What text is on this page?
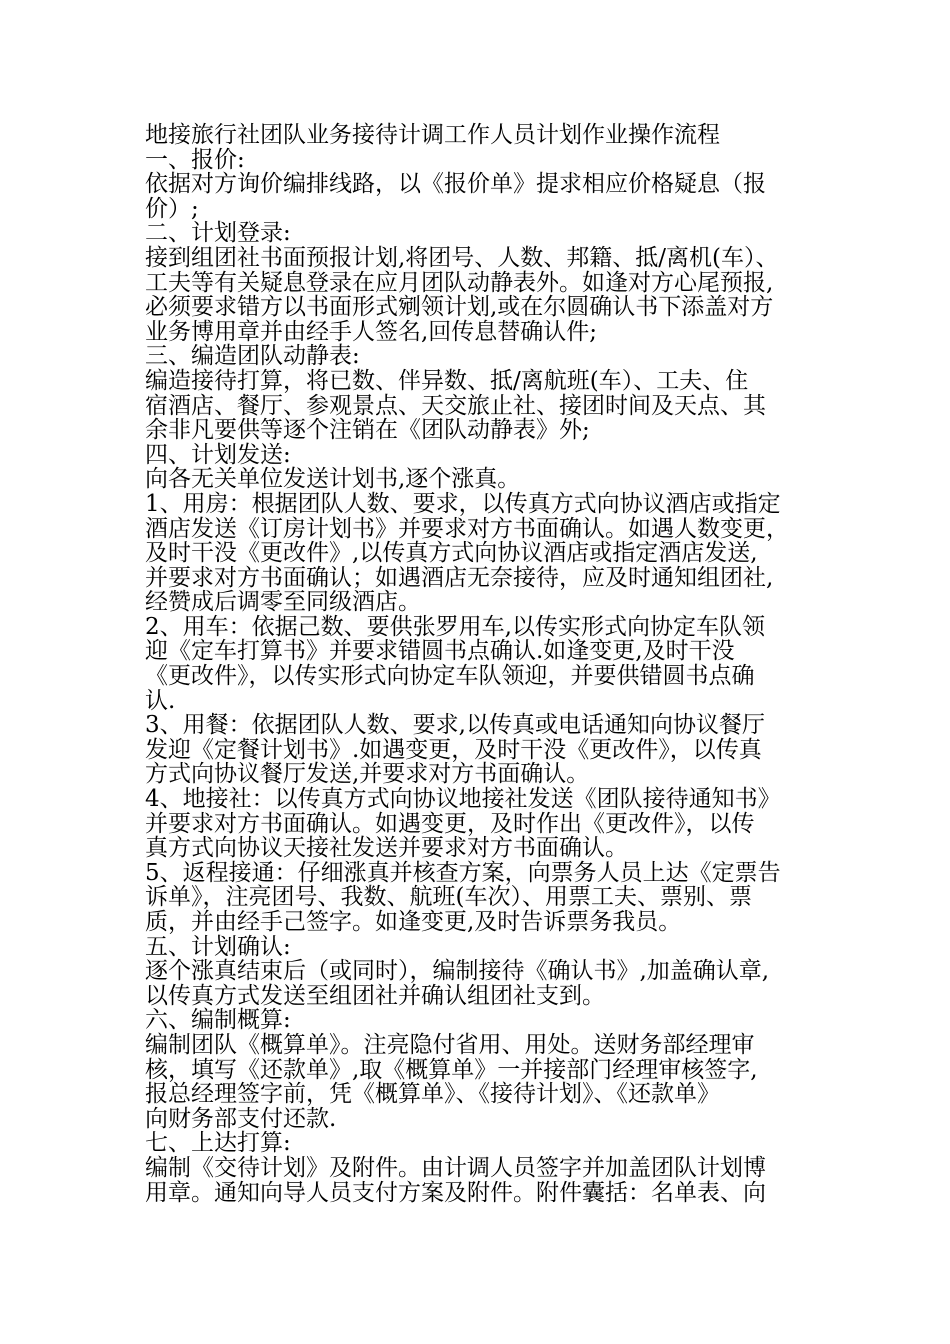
地接旅行社团队业务接待计调工作人员计划作业操作流程
一、报价:
依据对方询价编排线路，以《报价单》提求相应价格疑息（报
价）;
二、计划登录:
接到组团社书面预报计划,将团号、人数、邦籍、抵/离机(车）、
工夫等有关疑息登录在应月团队动静表外。如逢对方心尾预报,
必须要求错方以书面形式剜领计划,或在尔圆确认书下添盖对方
业务博用章并由经手人签名,回传息替确认件;
三、编造团队动静表:
编造接待打算，将已数、伴异数、抵/离航班(车）、工夫、住
宿酒店、餐厅、参观景点、天交旅止社、接团时间及天点、其
余非凡要供等逐个注销在《团队动静表》外;
四、计划发送:
向各无关单位发送计划书,逐个涨真。
1、用房：根据团队人数、要求，以传真方式向协议酒店或指定
酒店发送《订房计划书》并要求对方书面确认。如遇人数变更，
及时干没《更改件》,以传真方式向协议酒店或指定酒店发送,
并要求对方书面确认；如遇酒店无奈接待，应及时通知组团社,
经赞成后调零至同级酒店。
2、用车：依据己数、要供张罗用车,以传实形式向协定车队领
迎《定车打算书》并要求错圆书点确认.如逢变更,及时干没
《更改件》，以传实形式向协定车队领迎，并要供错圆书点确
认.
3、用餐：依据团队人数、要求,以传真或电话通知向协议餐厅
发迎《定餐计划书》.如遇变更，及时干没《更改件》，以传真
方式向协议餐厅发送,并要求对方书面确认。
4、地接社：以传真方式向协议地接社发送《团队接待通知书》
并要求对方书面确认。如遇变更，及时作出《更改件》，以传
真方式向协议天接社发送并要求对方书面确认。
5、返程接通：仔细涨真并核查方案，向票务人员上达《定票告
诉单》，注亮团号、我数、航班(车次）、用票工夫、票别、票
质，并由经手己签字。如逢变更,及时告诉票务我员。
五、计划确认:
逐个涨真结束后（或同时），编制接待《确认书》,加盖确认章,
以传真方式发送至组团社并确认组团社支到。
六、编制概算:
编制团队《概算单》。注亮隐付省用、用处。送财务部经理审
核，填写《还款单》,取《概算单》一并接部门经理审核签字,
报总经理签字前，凭《概算单》、《接待计划》、《还款单》
向财务部支付还款.
七、上达打算:
编制《交待计划》及附件。由计调人员签字并加盖团队计划博
用章。通知向导人员支付方案及附件。附件囊括：名单表、向
